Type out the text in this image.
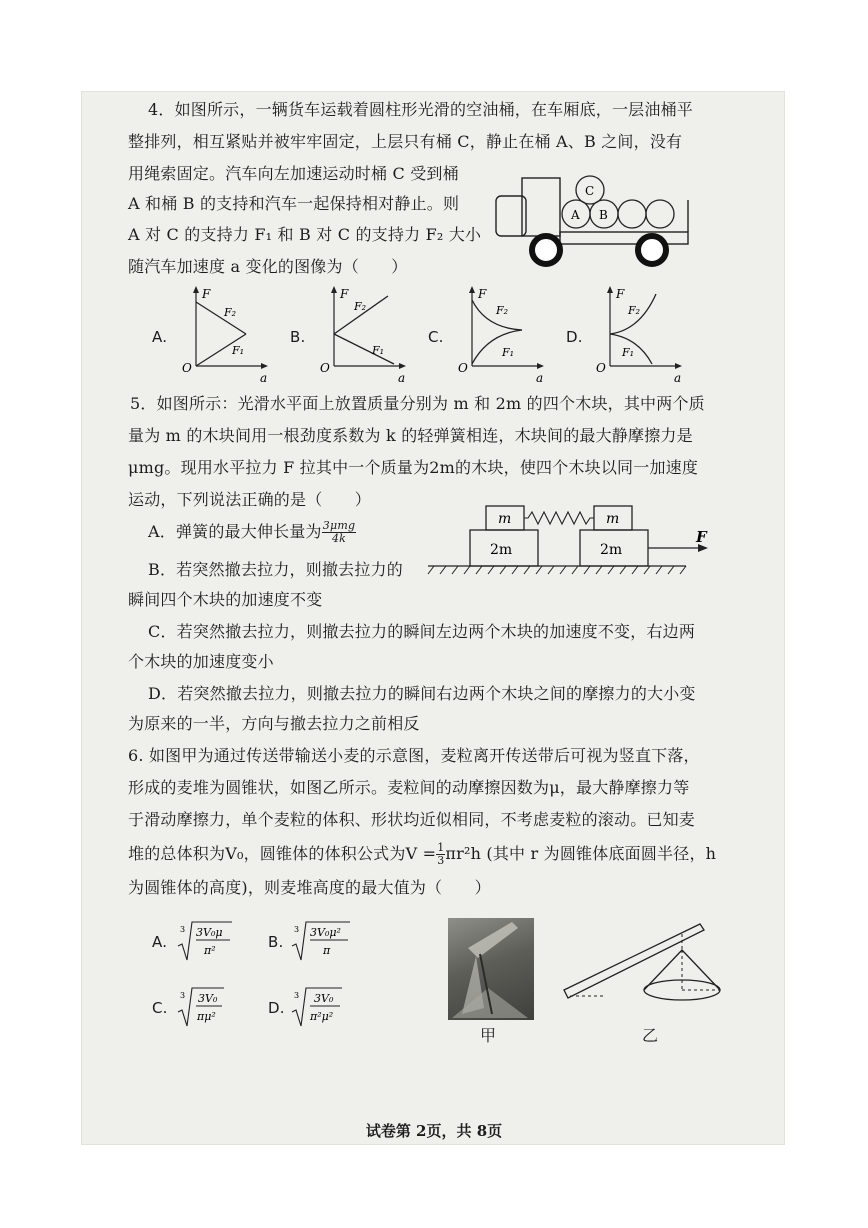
4．如图所示，一辆货车运载着圆柱形光滑的空油桶，在车厢底，一层油桶平
整排列，相互紧贴并被牢牢固定，上层只有桶 C，静止在桶 A、B 之间，没有
用绳索固定。汽车向左加速运动时桶 C 受到桶
A 和桶 B 的支持和汽车一起保持相对静止。则
A 对 C 的支持力 F₁ 和 B 对 C 的支持力 F₂ 大小
随汽车加速度 a 变化的图像为（　　）
A B
C
A.
F
F₂
F₁
O
a
B.
F
F₂
F₁
O
a
C.
F
F₂
F₁
O
a
D.
F
F₂
F₁
O
a
5．如图所示：光滑水平面上放置质量分别为 m 和 2m 的四个木块，其中两个质
量为 m 的木块间用一根劲度系数为 k 的轻弹簧相连，木块间的最大静摩擦力是
μmg。现用水平拉力 F 拉其中一个质量为2m的木块，使四个木块以同一加速度
运动，下列说法正确的是（　　）
A．弹簧的最大伸长量为 $\frac{\text{3μmg}}{4k}$
B．若突然撤去拉力，则撤去拉力的
瞬间四个木块的加速度不变
C．若突然撤去拉力，则撤去拉力的瞬间左边两个木块的加速度不变，右边两
个木块的加速度变小
D．若突然撤去拉力，则撤去拉力的瞬间右边两个木块之间的摩擦力的大小变
为原来的一半，方向与撤去拉力之前相反
m	m
2m	2m
F
6. 如图甲为通过传送带输送小麦的示意图，麦粒离开传送带后可视为竖直下落，
形成的麦堆为圆锥状，如图乙所示。麦粒间的动摩擦因数为μ，最大静摩擦力等
于滑动摩擦力，单个麦粒的体积、形状均近似相同，不考虑麦粒的滚动。已知麦
堆的总体积为V₀，圆锥体的体积公式为$V = \frac{1}{3} \pi r^2h$ (其中 r 为圆锥体底面圆半径，h
为圆锥体的高度)，则麦堆高度的最大值为（　　）
A.
3 3V₀μ
π²	B.
3 3V₀μ²
π
C.
3 3V₀
πμ²	D.
3 3V₀
π²μ²
甲	乙
试卷第 2页，共 8页
